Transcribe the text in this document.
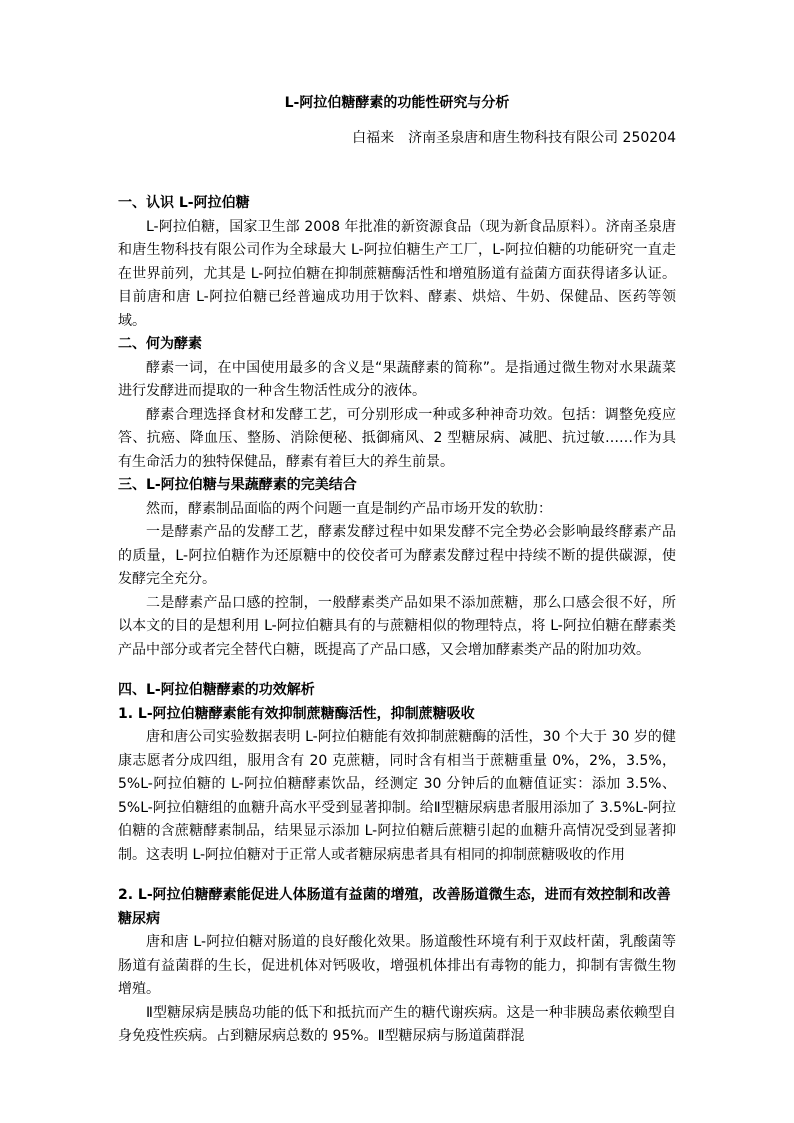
L-阿拉伯糖酵素的功能性研究与分析
白福来　济南圣泉唐和唐生物科技有限公司 250204
一、认识 L-阿拉伯糖
L-阿拉伯糖，国家卫生部 2008 年批准的新资源食品（现为新食品原料）。济南圣泉唐和唐生物科技有限公司作为全球最大 L-阿拉伯糖生产工厂，L-阿拉伯糖的功能研究一直走在世界前列，尤其是 L-阿拉伯糖在抑制蔗糖酶活性和增殖肠道有益菌方面获得诸多认证。目前唐和唐 L-阿拉伯糖已经普遍成功用于饮料、酵素、烘焙、牛奶、保健品、医药等领域。
二、何为酵素
酵素一词，在中国使用最多的含义是“果蔬酵素的简称”。是指通过微生物对水果蔬菜进行发酵进而提取的一种含生物活性成分的液体。
酵素合理选择食材和发酵工艺，可分别形成一种或多种神奇功效。包括：调整免疫应答、抗癌、降血压、整肠、消除便秘、抵御痛风、2 型糖尿病、减肥、抗过敏……作为具有生命活力的独特保健品，酵素有着巨大的养生前景。
三、L-阿拉伯糖与果蔬酵素的完美结合
然而，酵素制品面临的两个问题一直是制约产品市场开发的软肋：
一是酵素产品的发酵工艺，酵素发酵过程中如果发酵不完全势必会影响最终酵素产品的质量，L-阿拉伯糖作为还原糖中的佼佼者可为酵素发酵过程中持续不断的提供碳源，使发酵完全充分。
二是酵素产品口感的控制，一般酵素类产品如果不添加蔗糖，那么口感会很不好，所以本文的目的是想利用 L-阿拉伯糖具有的与蔗糖相似的物理特点，将 L-阿拉伯糖在酵素类产品中部分或者完全替代白糖，既提高了产品口感，又会增加酵素类产品的附加功效。
四、L-阿拉伯糖酵素的功效解析
1. L-阿拉伯糖酵素能有效抑制蔗糖酶活性，抑制蔗糖吸收
唐和唐公司实验数据表明 L-阿拉伯糖能有效抑制蔗糖酶的活性，30 个大于 30 岁的健康志愿者分成四组，服用含有 20 克蔗糖，同时含有相当于蔗糖重量 0%，2%，3.5%，5%L-阿拉伯糖的 L-阿拉伯糖酵素饮品，经测定 30 分钟后的血糖值证实：添加 3.5%、5%L-阿拉伯糖组的血糖升高水平受到显著抑制。给Ⅱ型糖尿病患者服用添加了 3.5%L-阿拉伯糖的含蔗糖酵素制品，结果显示添加 L-阿拉伯糖后蔗糖引起的血糖升高情况受到显著抑制。这表明 L-阿拉伯糖对于正常人或者糖尿病患者具有相同的抑制蔗糖吸收的作用
2. L-阿拉伯糖酵素能促进人体肠道有益菌的增殖，改善肠道微生态，进而有效控制和改善糖尿病
唐和唐 L-阿拉伯糖对肠道的良好酸化效果。肠道酸性环境有利于双歧杆菌，乳酸菌等肠道有益菌群的生长，促进机体对钙吸收，增强机体排出有毒物的能力，抑制有害微生物增殖。
Ⅱ型糖尿病是胰岛功能的低下和抵抗而产生的糖代谢疾病。这是一种非胰岛素依赖型自身免疫性疾病。占到糖尿病总数的 95%。Ⅱ型糖尿病与肠道菌群混
